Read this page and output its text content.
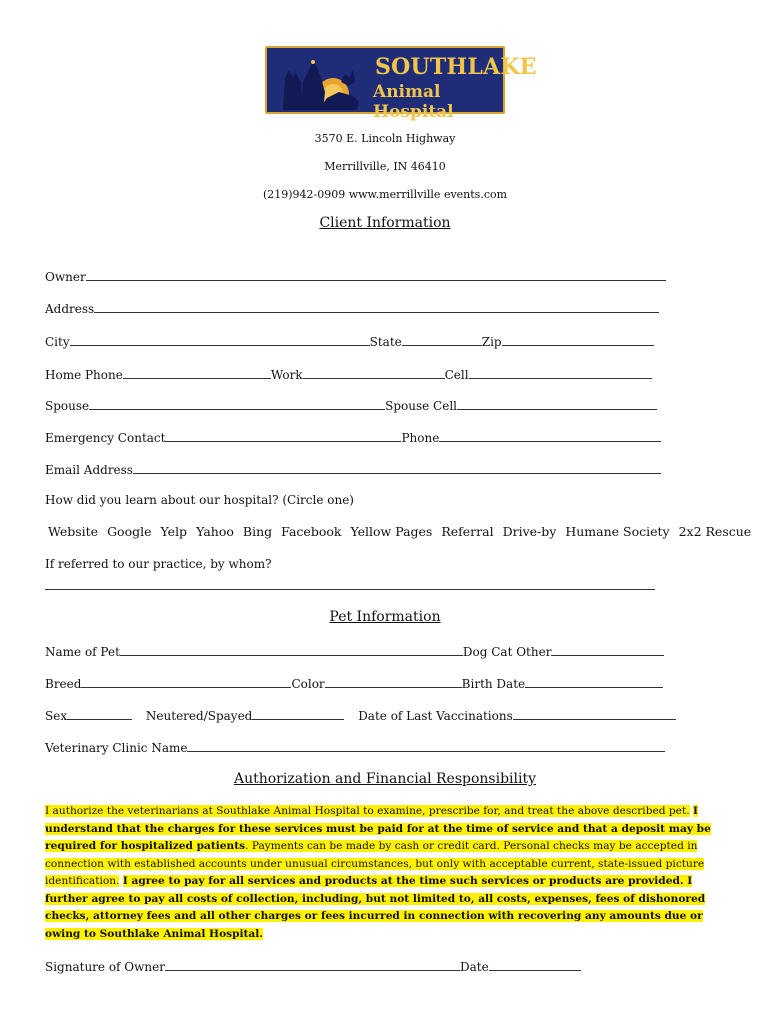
SOUTHLAKE
Animal Hospital
3570 E. Lincoln Highway
Merrillville, IN 46410
(219)942-0909 www.merrillville events.com
Client Information
Owner
Address
City	State	Zip
Home Phone	Work	Cell
Spouse	Spouse Cell
Emergency Contact	Phone
Email Address
How did you learn about our hospital? (Circle one)
Website Google Yelp Yahoo Bing Facebook Yellow Pages Referral Drive-by Humane Society 2x2 Rescue
If referred to our practice, by whom?
Pet Information
Name of Pet	Dog Cat Other
Breed	Color	Birth Date
Sex	Neutered/Spayed	Date of Last Vaccinations
Veterinary Clinic Name
Authorization and Financial Responsibility
I authorize the veterinarians at Southlake Animal Hospital to examine, prescribe for, and treat the above described pet. I understand that the charges for these services must be paid for at the time of service and that a deposit may be required for hospitalized patients. Payments can be made by cash or credit card. Personal checks may be accepted in connection with established accounts under unusual circumstances, but only with acceptable current, state-issued picture identification. I agree to pay for all services and products at the time such services or products are provided. I further agree to pay all costs of collection, including, but not limited to, all costs, expenses, fees of dishonored checks, attorney fees and all other charges or fees incurred in connection with recovering any amounts due or owing to Southlake Animal Hospital.
Signature of Owner	Date
